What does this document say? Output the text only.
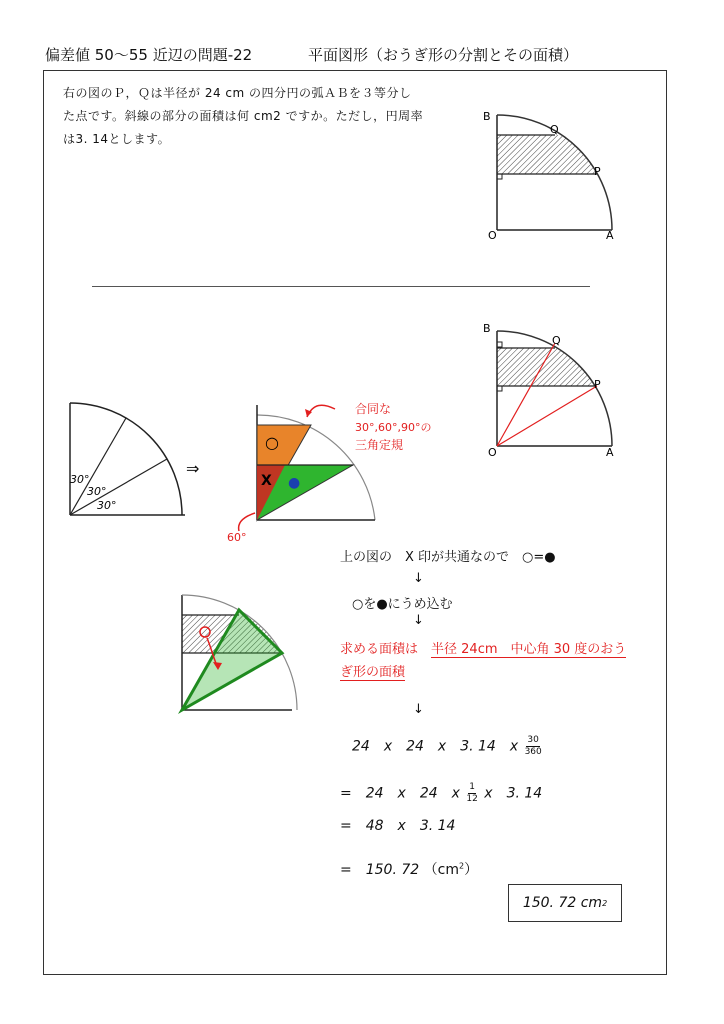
偏差値 50〜55 近辺の問題-22	平面図形（おうぎ形の分割とその面積）
右の図のＰ，Ｑは半径が 24 cm の四分円の弧ＡＢを３等分し
た点です。斜線の部分の面積は何 cm2 ですか。ただし，円周率
は3. 14とします。
B
Q
P
O	A
B
Q
P
O	A
30°
30°
30°
⇒
○
X ●
60°
合同な
30°,60°,90°の
三角定規
上の図の　X 印が共通なので　○=●
↓
○を●にうめ込む
↓
求める面積は　半径 24cm　中心角 30 度のおう
ぎ形の面積
↓
24　x　24　x　3. 14　x $\frac{30}{360}$
=　24　x　24　x $\frac{1}{12}$ x　3. 14
=　48　x　3. 14
=　150. 72 $(cm^2)$
150. 72 cm 2
